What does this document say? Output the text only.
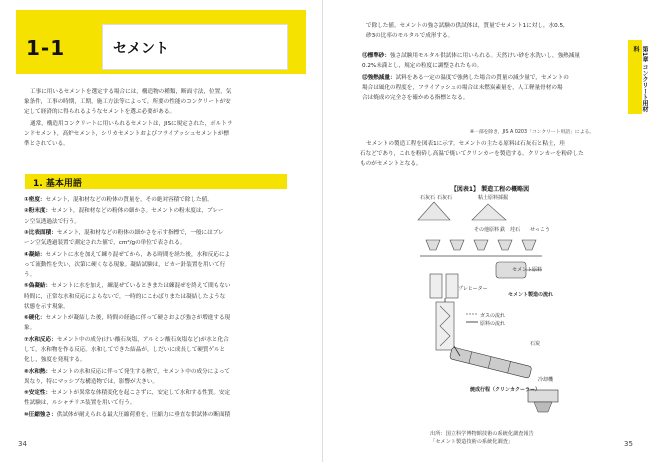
1-1	セメント
工事に用いるセメントを選定する場合には，構造物の種類，断面寸法，位置，気
象条件，工事の時期，工期，施工方法等によって，所要の性能のコンクリートが安
定して経済的に得られるようなセメントを選ぶ必要がある。
通常，構造用コンクリートに用いられるセメントは，JISに規定された，ポルトラ
ンドセメント，高炉セメント，シリカセメントおよびフライアッシュセメントが標
準とされている。
1. 基本用語
①密度：セメント，混和材などの粉体の質量を，その絶対容積で除した値。
②粉末度：セメント，混和材などの粉体の細かさ。セメントの粉末度は，ブレー
ン空気透過法で行う。
③比表面積：セメント，混和材などの粉体の細かさを示す指標で，一般にはブレ
ーン空気透過装置で測定された値で，cm²/gの単位で表される。
④凝結：セメントに水を加えて練り混ぜてから，ある時間を経た後，水和反応によ
って流動性を失い，次第に硬くなる現象。凝結試験は，ビカー針装置を用いて行
う。
⑤偽凝結：セメントに水を加え，練混ぜているときまたは練混ぜを終えて間もない
時間に，正常な水和反応によらないで，一時的にこわばりまたは凝結したような
状態を示す現象。
⑥硬化：セメントが凝結した後，時間の経過に伴って硬さおよび強さが増進する現
象。
⑦水和反応：セメント中の成分(けい酸石灰塩，アルミン酸石灰塩など)が水と化合
して，水和物を作る反応。水和してできた結晶が，しだいに成長して硬質ゲルと
化し，強度を発現する。
⑧水和熱：セメントの水和反応に伴って発生する熱で，セメント中の成分によって
異なり，特にマッシブな構造物では，影響が大きい。
⑨安定性：セメントが異常な体積変化を起こさずに，安定して水和する性質。安定
性試験は，ルシャテリエ装置を用いて行う。
⑩圧縮強さ：供試体が耐えられる最大圧縮荷重を，圧縮力に垂直な供試体の断面積
34
で除した値。セメントの強さ試験の供試体は，質量でセメント1に対し，水0.5,
砂3の比率のモルタルで成形する。
⑪標準砂：強さ試験用モルタル供試体に用いられる。天然けい砂を水洗いし，強熱減量
0.2%未満とし，規定の粒度に調整されたもの。
⑫強熱減量：試料をある一定の温度で強熱した場合の質量の減少量で，セメントの
場合は風化の程度を，フライアッシュの場合は未燃炭素量を，人工軽量骨材の場
合は焼成の完全さを確かめる指標となる。
※一部を除き，JIS A 0203「コンクリート用語」による。
セメントの製造工程を図表1に示す。セメントの主たる原料は石灰石と粘土，珪
石などであり，これを粉砕し高温で焼いてクリンカーを製造する。クリンカーを粉砕した
ものがセメントとなる。
第1章 コンクリート用材料
【図表1】 製造工程の概略図
石灰石 石灰石	粘土原料採掘
その他原料 鉄 珪石 せっこう
セメント原料
プレヒーター
セメント製造の流れ
ガスの流れ
原料の流れ
石炭
冷却機
焼成行程（クリンカクーラー）
出所：国立科学博物館技術の系統化調査報告
「セメント製造技術の系統化調査」	35
